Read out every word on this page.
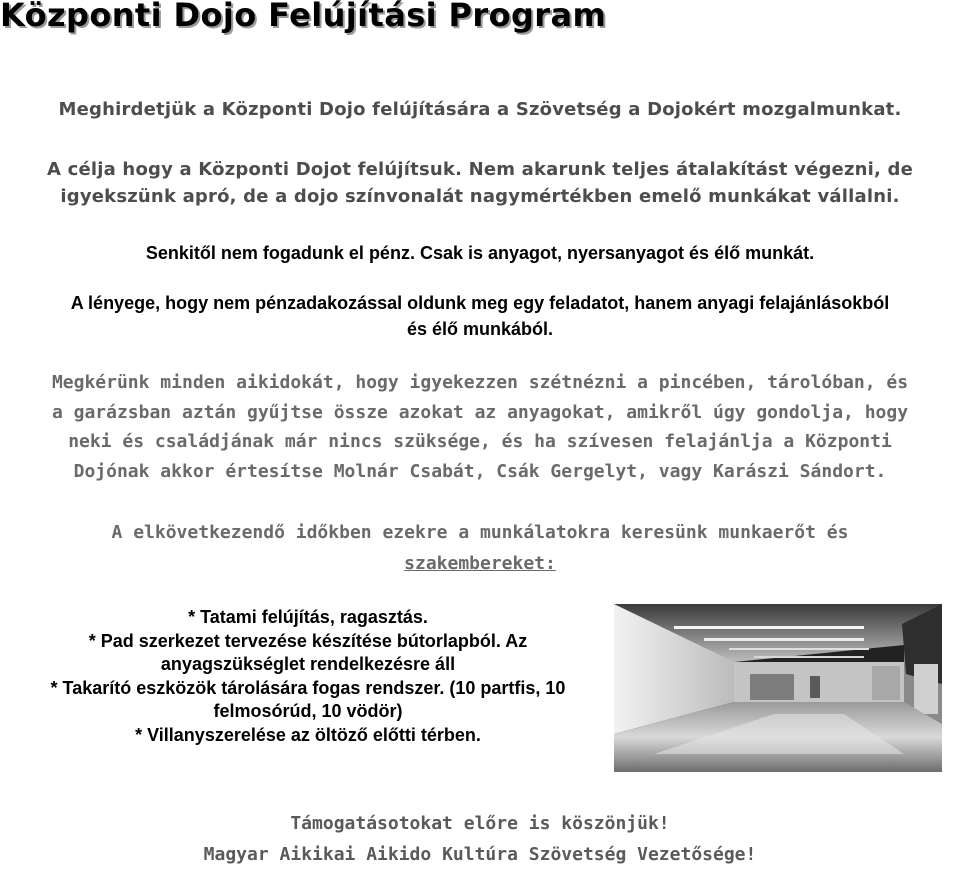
Központi Dojo Felújítási Program

Meghirdetjük a Központi Dojo felújítására a Szövetség a Dojokért mozgalmunkat.

A célja hogy a Központi Dojot felújítsuk. Nem akarunk teljes átalakítást végezni, de
igyekszünk apró, de a dojo színvonalát nagymértékben emelő munkákat vállalni.

Senkitől nem fogadunk el pénz. Csak is anyagot, nyersanyagot és élő munkát.

A lényege, hogy nem pénzadakozással oldunk meg egy feladatot, hanem anyagi felajánlásokból
és élő munkából.
Megkérünk minden aikidokát, hogy igyekezzen szétnézni a pincében, tárolóban, és
a garázsban aztán gyűjtse össze azokat az anyagokat, amikről úgy gondolja, hogy
neki és családjának már nincs szüksége, és ha szívesen felajánlja a Központi
Dojónak akkor értesítse Molnár Csabát, Csák Gergelyt, vagy Karászi Sándort.
A elkövetkezendő időkben ezekre a munkálatokra keresünk munkaerőt és
szakembereket:
* Tatami felújítás, ragasztás.
* Pad szerkezet tervezése készítése bútorlapból. Az
anyagszükséglet rendelkezésre áll
* Takarító eszközök tárolására fogas rendszer. (10 partfis, 10
felmosórúd, 10 vödör)
* Villanyszerelése az öltöző előtti térben.
Támogatásotokat előre is köszönjük!
Magyar Aikikai Aikido Kultúra Szövetség Vezetősége!
